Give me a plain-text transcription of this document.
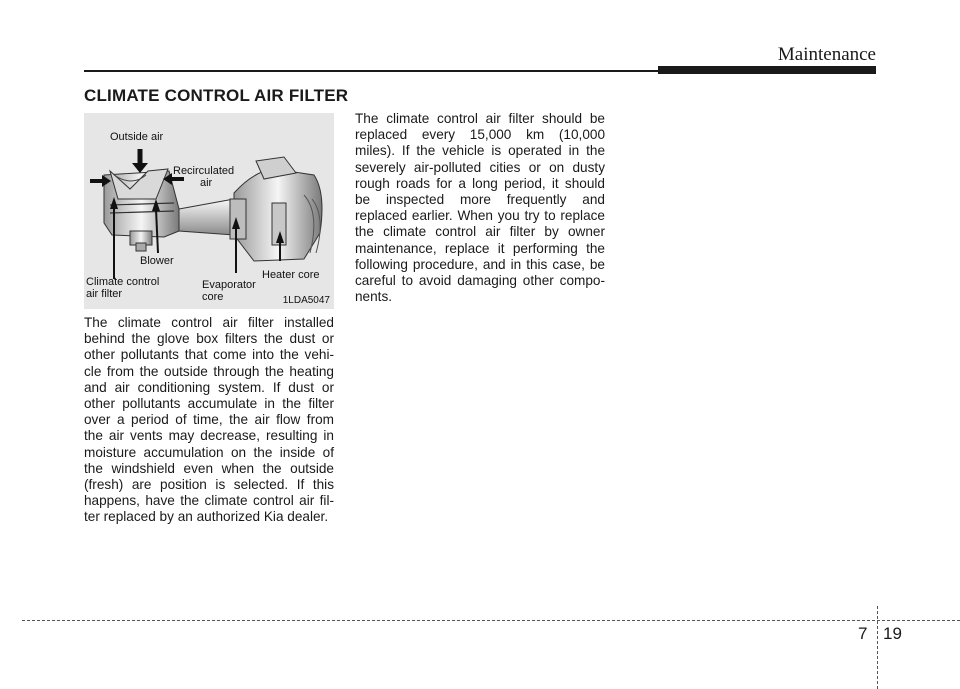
Maintenance
CLIMATE CONTROL AIR FILTER
Outside air
Recirculated
air
Blower
Climate control
air filter
Evaporator
core
Heater core
1LDA5047
The climate control air filter installed behind the glove box filters the dust or other pollutants that come into the vehi-cle from the outside through the heating and air conditioning system. If dust or other pollutants accumulate in the filter over a period of time, the air flow from the air vents may decrease, resulting in moisture accumulation on the inside of the windshield even when the outside (fresh) are position is selected. If this happens, have the climate control air fil-ter replaced by an authorized Kia dealer.
The climate control air filter should be replaced every 15,000 km (10,000 miles). If the vehicle is operated in the severely air-polluted cities or on dusty rough roads for a long period, it should be inspected more frequently and replaced earlier. When you try to replace the climate control air filter by owner maintenance, replace it performing the following procedure, and in this case, be careful to avoid damaging other compo-nents.
7 19
